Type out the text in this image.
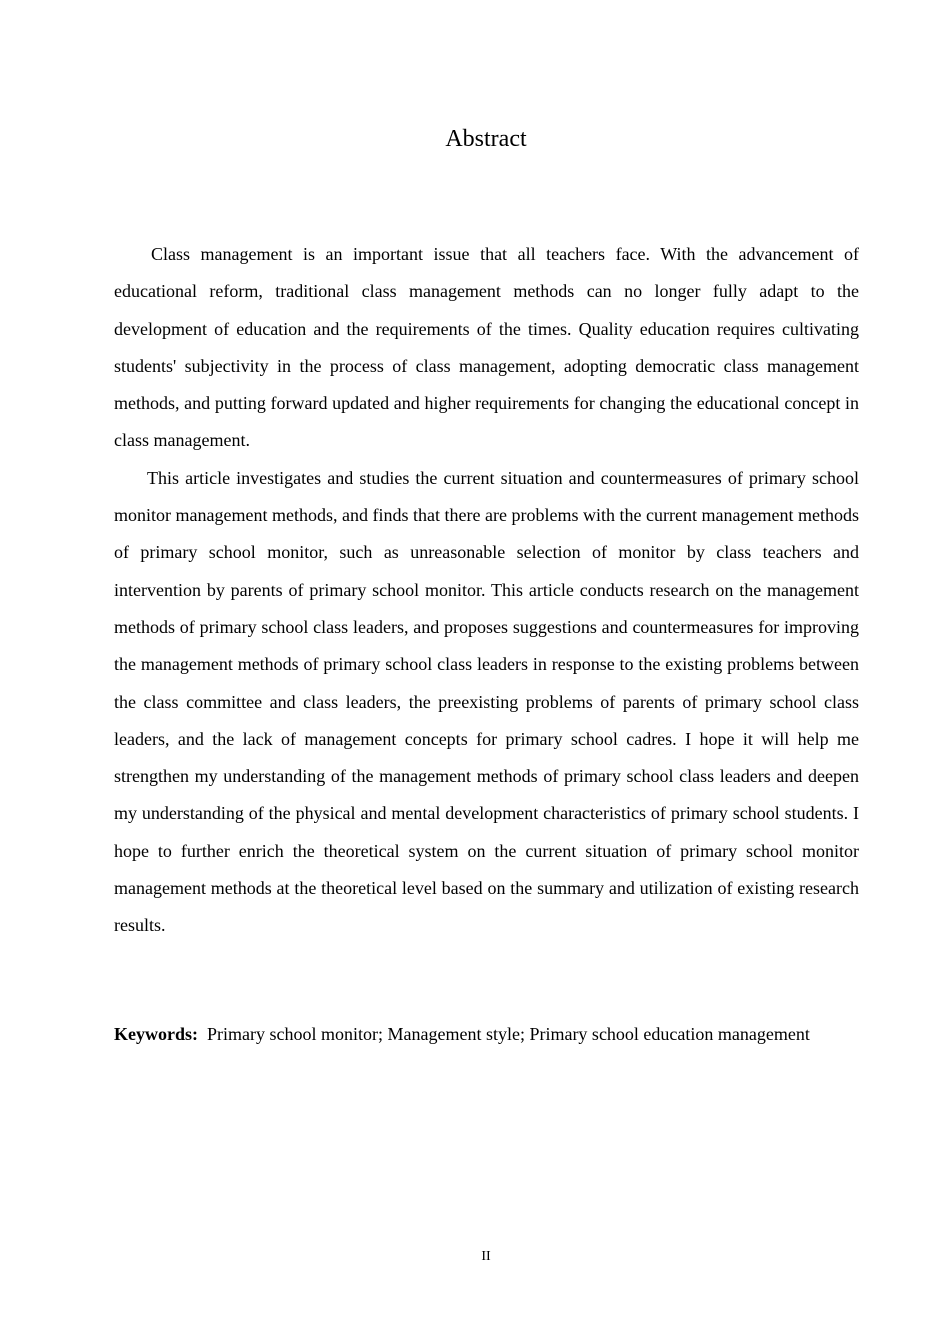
Abstract

Class management is an important issue that all teachers face. With the advancement of educational reform, traditional class management methods can no longer fully adapt to the development of education and the requirements of the times. Quality education requires cultivating students' subjectivity in the process of class management, adopting democratic class management methods, and putting forward updated and higher requirements for changing the educational concept in class management.

This article investigates and studies the current situation and countermeasures of primary school monitor management methods, and finds that there are problems with the current management methods of primary school monitor, such as unreasonable selection of monitor by class teachers and intervention by parents of primary school monitor. This article conducts research on the management methods of primary school class leaders, and proposes suggestions and countermeasures for improving the management methods of primary school class leaders in response to the existing problems between the class committee and class leaders, the preexisting problems of parents of primary school class leaders, and the lack of management concepts for primary school cadres. I hope it will help me strengthen my understanding of the management methods of primary school class leaders and deepen my understanding of the physical and mental development characteristics of primary school students. I hope to further enrich the theoretical system on the current situation of primary school monitor management methods at the theoretical level based on the summary and utilization of existing research results.

Keywords: Primary school monitor; Management style; Primary school education management

II
